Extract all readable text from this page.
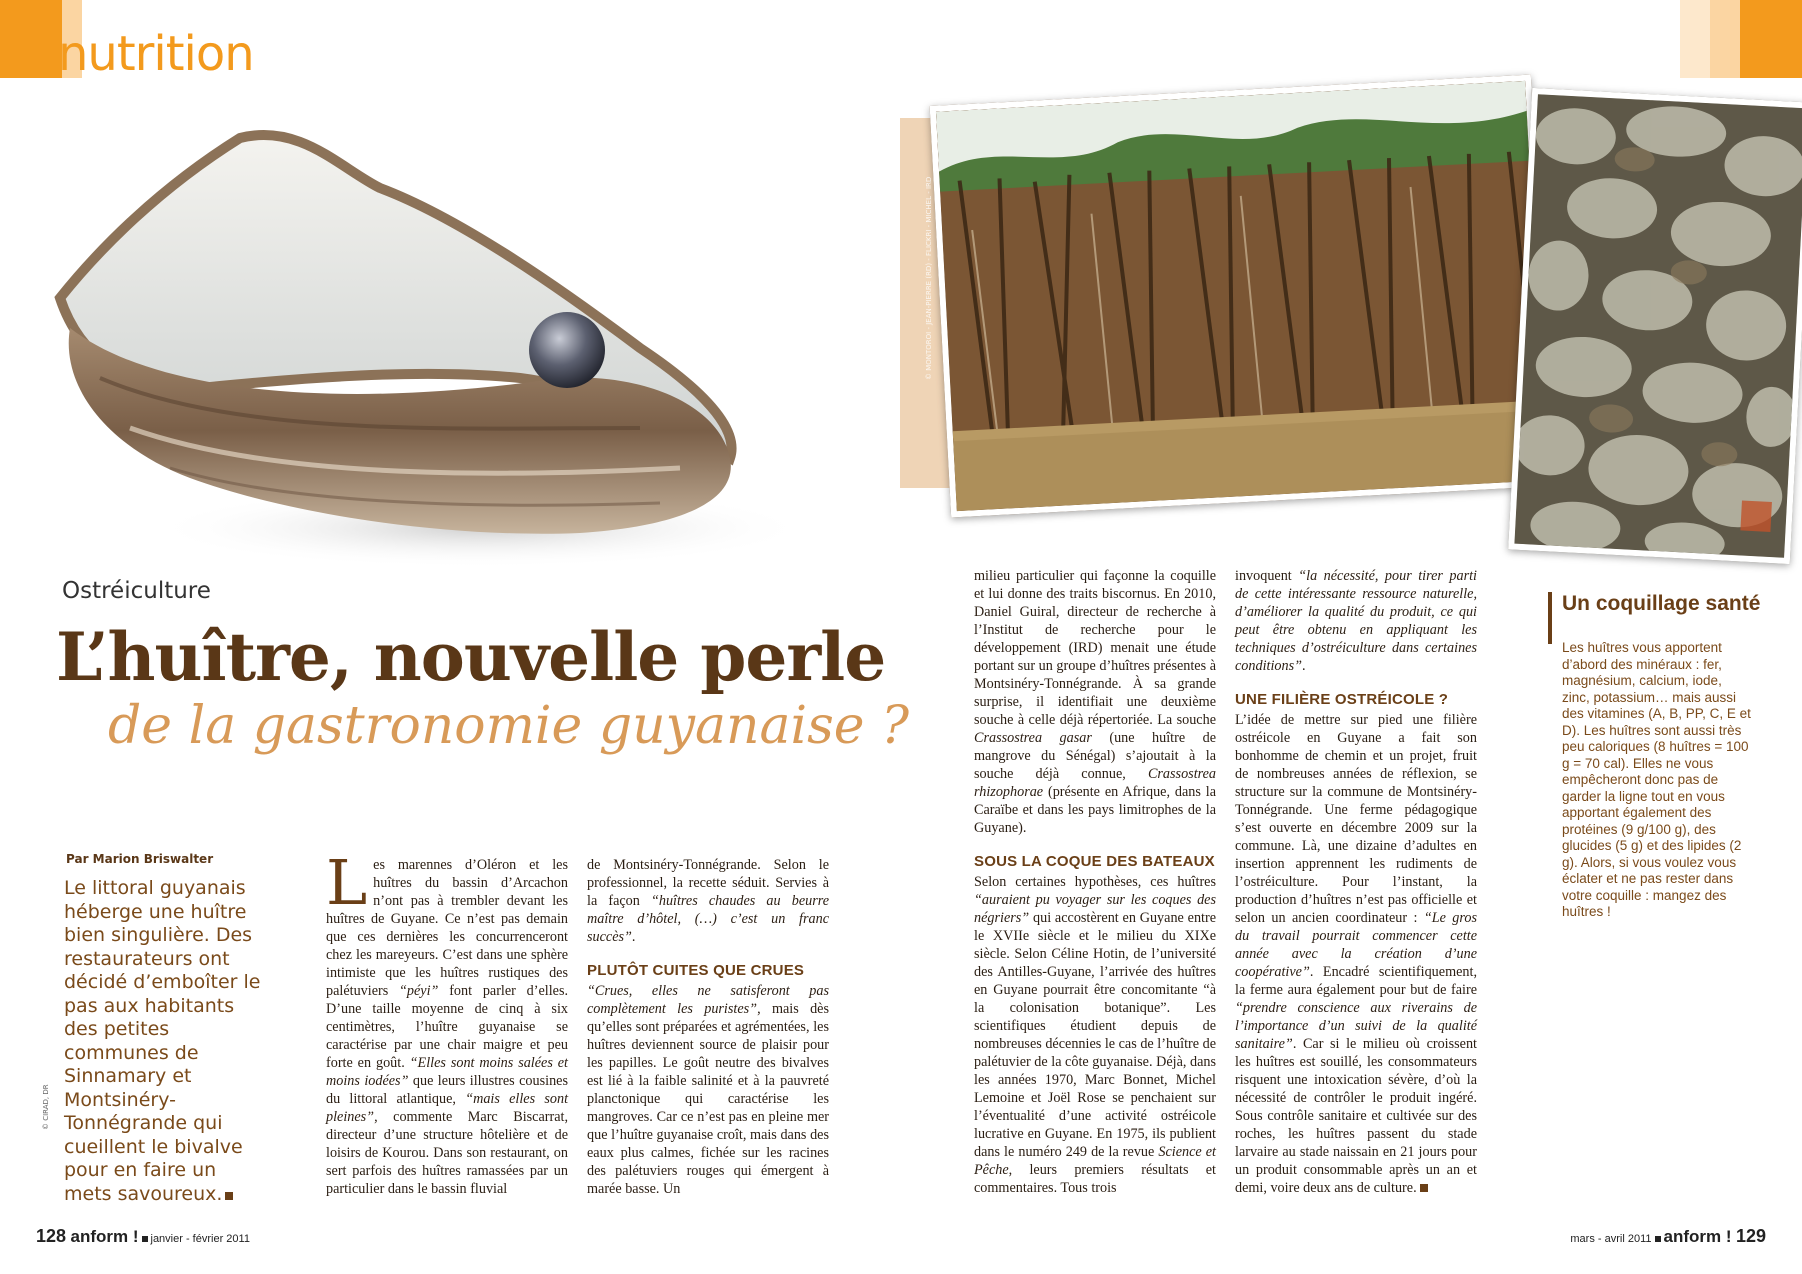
nutrition
© MONTOROI - JEAN-PIERRE (RD) - FLICKRI - MICHEL - IRD
Ostréiculture
L’huître, nouvelle perle
de la gastronomie guyanaise ?
Par Marion Briswalter
Le littoral guyanais héberge une huître bien singulière. Des restaurateurs ont décidé d’emboîter le pas aux habitants des petites communes de Sinnamary et Montsinéry-Tonnégrande qui cueillent le bivalve pour en faire un mets savoureux.
© CIRAD, DR

Les marennes d’Oléron et les huîtres du bassin d’Arcachon n’ont pas à trembler devant les huîtres de Guyane. Ce n’est pas demain que ces dernières les concurrenceront chez les mareyeurs. C’est dans une sphère intimiste que les huîtres rustiques des palétuviers “péyi” font parler d’elles. D’une taille moyenne de cinq à six centimètres, l’huître guyanaise se caractérise par une chair maigre et peu forte en goût. “Elles sont moins salées et moins iodées” que leurs illustres cousines du littoral atlantique, “mais elles sont pleines”, commente Marc Biscarrat, directeur d’une structure hôtelière et de loisirs de Kourou. Dans son restaurant, on sert parfois des huîtres ramassées par un particulier dans le bassin fluvial

de Montsinéry-Tonnégrande. Selon le professionnel, la recette séduit. Servies à la façon “huîtres chaudes au beurre maître d’hôtel, (…) c’est un franc succès”.

PLUTÔT CUITES QUE CRUES

“Crues, elles ne satisferont pas complètement les puristes”, mais dès qu’elles sont préparées et agrémentées, les huîtres deviennent source de plaisir pour les papilles. Le goût neutre des bivalves est lié à la faible salinité et à la pauvreté planctonique qui caractérise les mangroves. Car ce n’est pas en pleine mer que l’huître guyanaise croît, mais dans des eaux plus calmes, fichée sur les racines des palétuviers rouges qui émergent à marée basse. Un

milieu particulier qui façonne la coquille et lui donne des traits biscornus. En 2010, Daniel Guiral, directeur de recherche à l’Institut de recherche pour le développement (IRD) menait une étude portant sur un groupe d’huîtres présentes à Montsinéry-Tonnégrande. À sa grande surprise, il identifiait une deuxième souche à celle déjà répertoriée. La souche Crassostrea gasar (une huître de mangrove du Sénégal) s’ajoutait à la souche déjà connue, Crassostrea rhizophorae (présente en Afrique, dans la Caraïbe et dans les pays limitrophes de la Guyane).

SOUS LA COQUE DES BATEAUX

Selon certaines hypothèses, ces huîtres “auraient pu voyager sur les coques des négriers” qui accostèrent en Guyane entre le XVIIe siècle et le milieu du XIXe siècle. Selon Céline Hotin, de l’université des Antilles-Guyane, l’arrivée des huîtres en Guyane pourrait être concomitante “à la colonisation botanique”. Les scientifiques étudient depuis de nombreuses décennies le cas de l’huître de palétuvier de la côte guyanaise. Déjà, dans les années 1970, Marc Bonnet, Michel Lemoine et Joël Rose se penchaient sur l’éventualité d’une activité ostréicole lucrative en Guyane. En 1975, ils publient dans le numéro 249 de la revue Science et Pêche, leurs premiers résultats et commentaires. Tous trois

invoquent “la nécessité, pour tirer parti de cette intéressante ressource naturelle, d’améliorer la qualité du produit, ce qui peut être obtenu en appliquant les techniques d’ostréiculture dans certaines conditions”.

UNE FILIÈRE OSTRÉICOLE ?

L’idée de mettre sur pied une filière ostréicole en Guyane a fait son bonhomme de chemin et un projet, fruit de nombreuses années de réflexion, se structure sur la commune de Montsinéry-Tonnégrande. Une ferme pédagogique s’est ouverte en décembre 2009 sur la commune. Là, une dizaine d’adultes en insertion apprennent les rudiments de l’ostréiculture. Pour l’instant, la production d’huîtres n’est pas officielle et selon un ancien coordinateur : “Le gros du travail pourrait commencer cette année avec la création d’une coopérative”. Encadré scientifiquement, la ferme aura également pour but de faire “prendre conscience aux riverains de l’importance d’un suivi de la qualité sanitaire”. Car si le milieu où croissent les huîtres est souillé, les consommateurs risquent une intoxication sévère, d’où la nécessité de contrôler le produit ingéré. Sous contrôle sanitaire et cultivée sur des roches, les huîtres passent du stade larvaire au stade naissain en 21 jours pour un produit consommable après un an et demi, voire deux ans de culture.

Un coquillage santé
Les huîtres vous apportent d’abord des minéraux : fer, magnésium, calcium, iode, zinc, potassium… mais aussi des vitamines (A, B, PP, C, E et D). Les huîtres sont aussi très peu caloriques (8 huîtres = 100 g = 70 cal). Elles ne vous empêcheront donc pas de garder la ligne tout en vous apportant également des protéines (9 g/100 g), des glucides (5 g) et des lipides (2 g). Alors, si vous voulez vous éclater et ne pas rester dans votre coquille : mangez des huîtres !
128 anform ! janvier - février 2011	mars - avril 2011 anform ! 129
